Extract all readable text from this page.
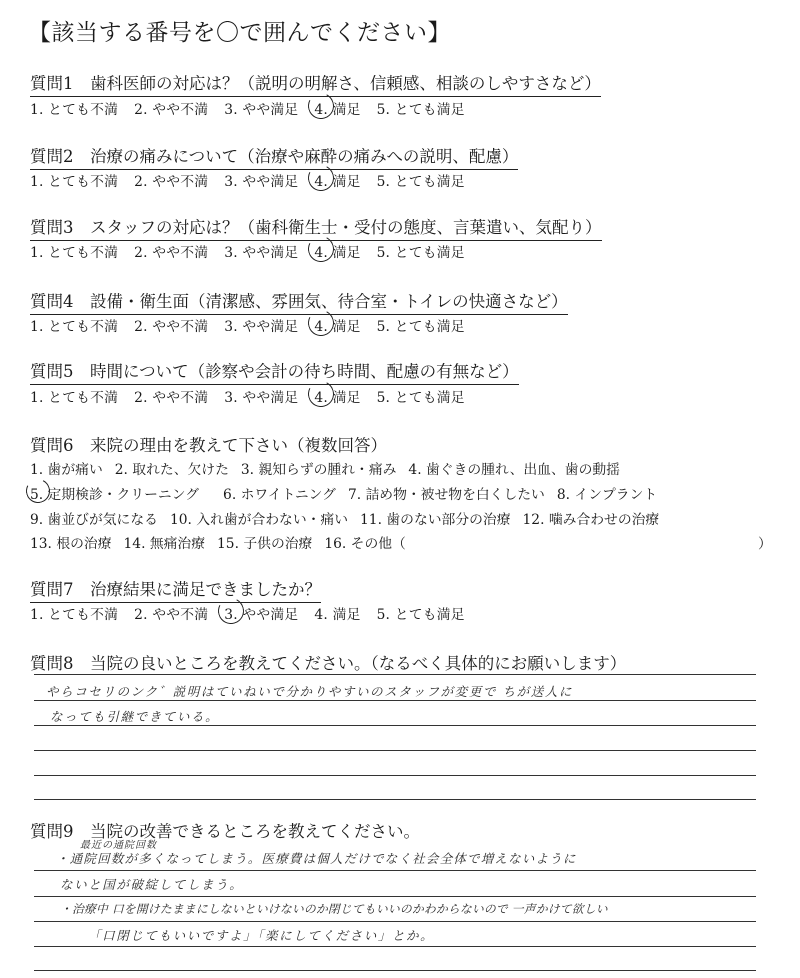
【該当する番号を〇で囲んでください】
質問1　歯科医師の対応は？（説明の明解さ、信頼感、相談のしやすさなど）
1. とても不満 2. やや不満 3. やや満足 4. 満足 5. とても満足
質問2　治療の痛みについて（治療や麻酔の痛みへの説明、配慮）
1. とても不満 2. やや不満 3. やや満足 4. 満足 5. とても満足
質問3　スタッフの対応は？（歯科衛生士・受付の態度、言葉遣い、気配り）
1. とても不満 2. やや不満 3. やや満足 4. 満足 5. とても満足
質問4　設備・衛生面（清潔感、雰囲気、待合室・トイレの快適さなど）
1. とても不満 2. やや不満 3. やや満足 4. 満足 5. とても満足
質問5　時間について（診察や会計の待ち時間、配慮の有無など）
1. とても不満 2. やや不満 3. やや満足 4. 満足 5. とても満足
質問6　来院の理由を教えて下さい（複数回答）
1. 歯が痛い 2. 取れた、欠けた 3. 親知らずの腫れ・痛み 4. 歯ぐきの腫れ、出血、歯の動揺
5. 定期検診・クリーニング 6. ホワイトニング 7. 詰め物・被せ物を白くしたい 8. インプラント
9. 歯並びが気になる 10. 入れ歯が合わない・痛い 11. 歯のない部分の治療 12. 噛み合わせの治療
13. 根の治療 14. 無痛治療 15. 子供の治療 16. その他（	）
質問7　治療結果に満足できましたか？
1. とても不満 2. やや不満 3. やや満足 4. 満足 5. とても満足
質問8　当院の良いところを教えてください。（なるべく具体的にお願いします）
やらコセリのンク゛説明はていねいで分かりやすいのスタッフが変更で ちが送人に
なっても引継できている。
質問9　当院の改善できるところを教えてください。
最近の通院回数
・通院回数が多くなってしまう。医療費は個人だけでなく社会全体で増えないように
ないと国が破綻してしまう。
・治療中 口を開けたままにしないといけないのか閉じてもいいのかわからないので 一声かけて欲しい
「口閉じてもいいですよ」「楽にしてください」とか。
